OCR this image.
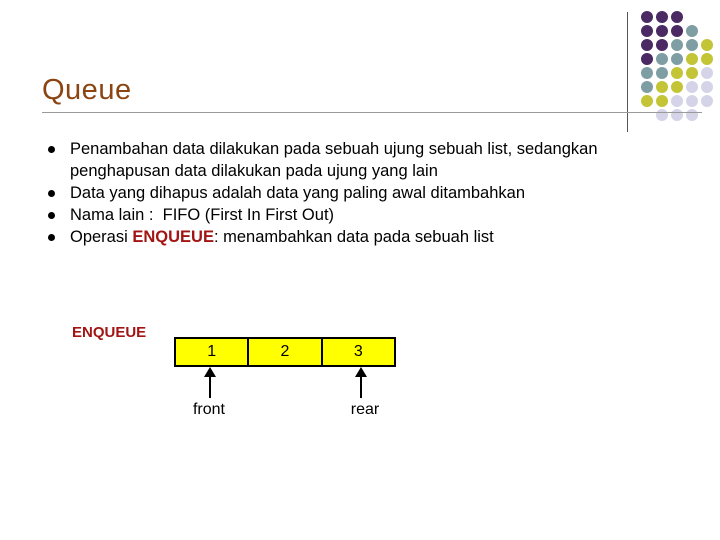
Queue
Penambahan data dilakukan pada sebuah ujung sebuah list, sedangkan penghapusan data dilakukan pada ujung yang lain
Data yang dihapus adalah data yang paling awal ditambahkan
Nama lain :  FIFO (First In First Out)
Operasi ENQUEUE: menambahkan data pada sebuah list
ENQUEUE
1	2	3
front	rear
